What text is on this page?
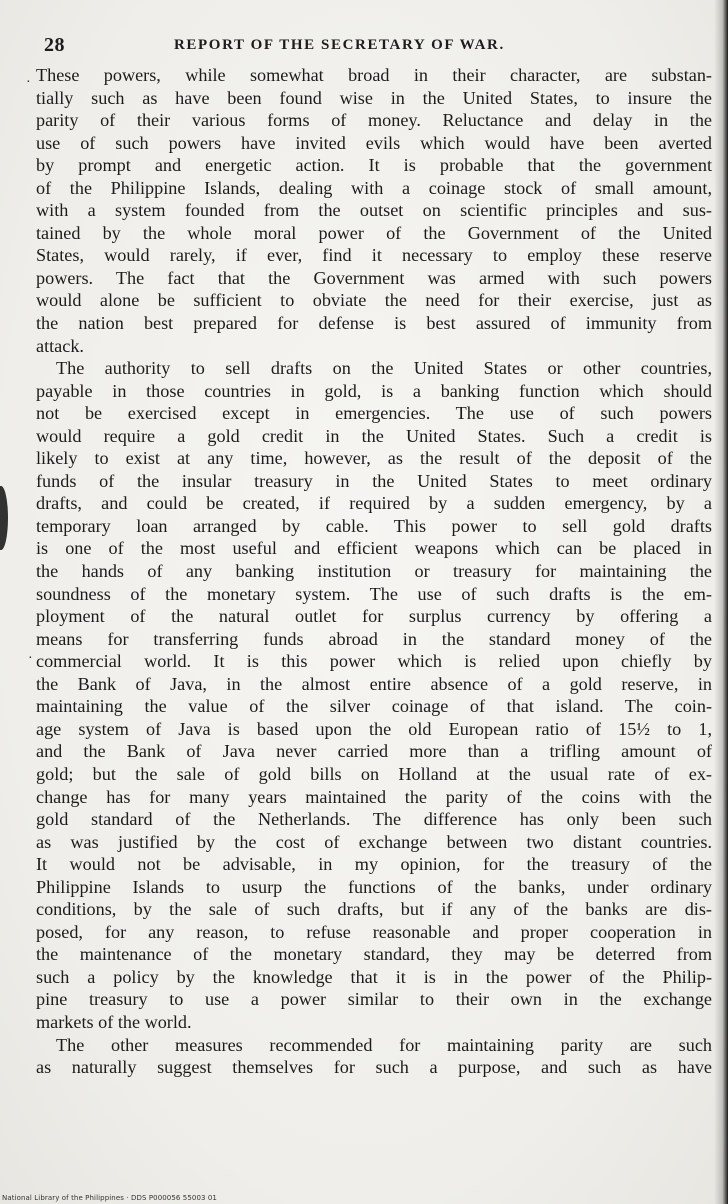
28	REPORT OF THE SECRETARY OF WAR.
·
·
These powers, while somewhat broad in their character, are substan-
tially such as have been found wise in the United States, to insure the
parity of their various forms of money. Reluctance and delay in the
use of such powers have invited evils which would have been averted
by prompt and energetic action. It is probable that the government
of the Philippine Islands, dealing with a coinage stock of small amount,
with a system founded from the outset on scientific principles and sus-
tained by the whole moral power of the Government of the United
States, would rarely, if ever, find it necessary to employ these reserve
powers. The fact that the Government was armed with such powers
would alone be sufficient to obviate the need for their exercise, just as
the nation best prepared for defense is best assured of immunity from
attack.
The authority to sell drafts on the United States or other countries,
payable in those countries in gold, is a banking function which should
not be exercised except in emergencies. The use of such powers
would require a gold credit in the United States. Such a credit is
likely to exist at any time, however, as the result of the deposit of the
funds of the insular treasury in the United States to meet ordinary
drafts, and could be created, if required by a sudden emergency, by a
temporary loan arranged by cable. This power to sell gold drafts
is one of the most useful and efficient weapons which can be placed in
the hands of any banking institution or treasury for maintaining the
soundness of the monetary system. The use of such drafts is the em-
ployment of the natural outlet for surplus currency by offering a
means for transferring funds abroad in the standard money of the
commercial world. It is this power which is relied upon chiefly by
the Bank of Java, in the almost entire absence of a gold reserve, in
maintaining the value of the silver coinage of that island. The coin-
age system of Java is based upon the old European ratio of 15½ to 1,
and the Bank of Java never carried more than a trifling amount of
gold; but the sale of gold bills on Holland at the usual rate of ex-
change has for many years maintained the parity of the coins with the
gold standard of the Netherlands. The difference has only been such
as was justified by the cost of exchange between two distant countries.
It would not be advisable, in my opinion, for the treasury of the
Philippine Islands to usurp the functions of the banks, under ordinary
conditions, by the sale of such drafts, but if any of the banks are dis-
posed, for any reason, to refuse reasonable and proper cooperation in
the maintenance of the monetary standard, they may be deterred from
such a policy by the knowledge that it is in the power of the Philip-
pine treasury to use a power similar to their own in the exchange
markets of the world.
The other measures recommended for maintaining parity are such
as naturally suggest themselves for such a purpose, and such as have
National Library of the Philippines · DDS P000056 55003 01
